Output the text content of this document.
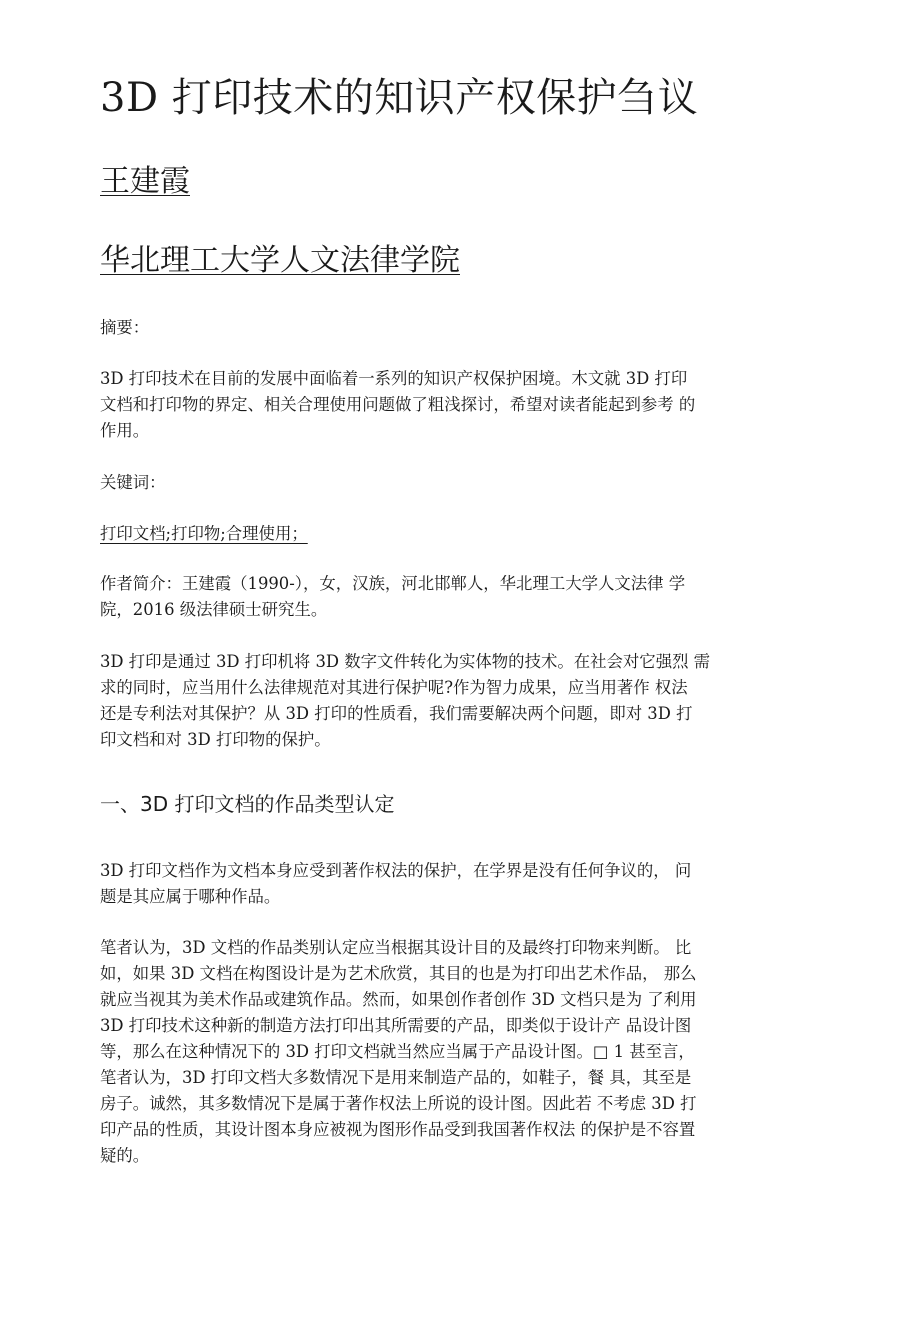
3D 打印技术的知识产权保护刍议
王建霞
华北理工大学人文法律学院

摘要：

3D 打印技术在目前的发展中面临着一系列的知识产权保护困境。木文就 3D 打印
文档和打印物的界定、相关合理使用问题做了粗浅探讨，希望对读者能起到参考 的
作用。

关键词：

打印文档;打印物;合理使用；

作者简介：王建霞（1990-），女，汉族，河北邯郸人，华北理工大学人文法律 学
院，2016 级法律硕士研究生。

3D 打印是通过 3D 打印机将 3D 数字文件转化为实体物的技术。在社会对它强烈 需
求的同时，应当用什么法律规范对其进行保护呢?作为智力成果，应当用著作 权法
还是专利法对其保护？从 3D 打印的性质看，我们需要解决两个问题，即对 3D 打
印文档和对 3D 打印物的保护。

一、3D 打印文档的作品类型认定

3D 打印文档作为文档本身应受到著作权法的保护，在学界是没有任何争议的， 问
题是其应属于哪种作品。

笔者认为，3D 文档的作品类别认定应当根据其设计目的及最终打印物来判断。 比
如，如果 3D 文档在构图设计是为艺术欣赏，其目的也是为打印出艺术作品， 那么
就应当视其为美术作品或建筑作品。然而，如果创作者创作 3D 文档只是为 了利用
3D 打印技术这种新的制造方法打印出其所需要的产品，即类似于设计产 品设计图
等，那么在这种情况下的 3D 打印文档就当然应当属于产品设计图。□ 1 甚至言，
笔者认为，3D 打印文档大多数情况下是用来制造产品的，如鞋子，餐 具，其至是
房子。诚然，其多数情况下是属于著作权法上所说的设计图。因此若 不考虑 3D 打
印产品的性质，其设计图本身应被视为图形作品受到我国著作权法 的保护是不容置
疑的。
